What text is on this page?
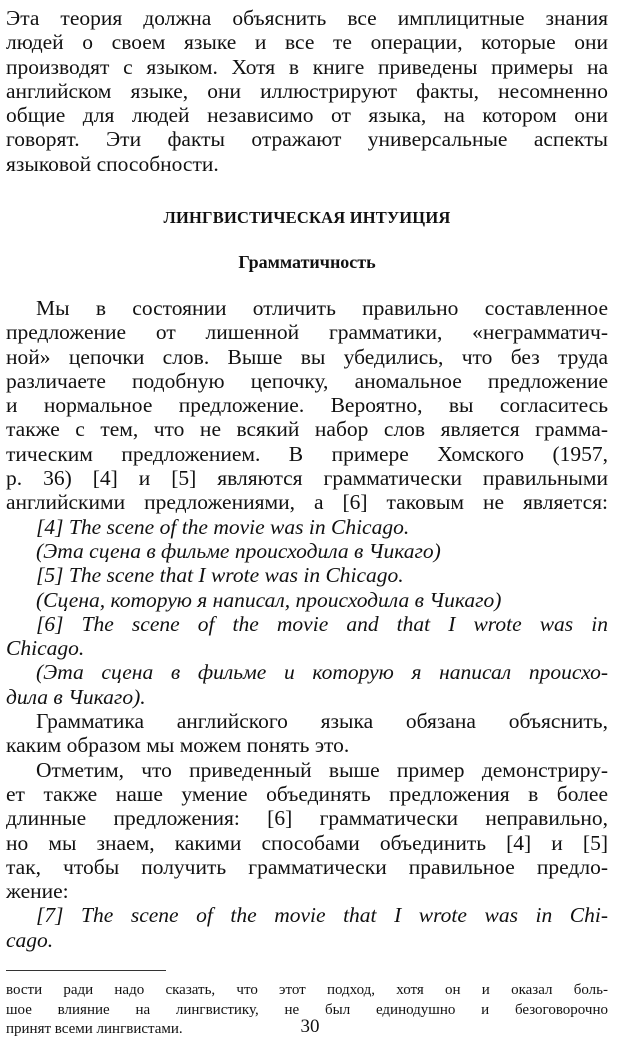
Эта теория должна объяснить все имплицитные знания
людей о своем языке и все те операции, которые они
производят с языком. Хотя в книге приведены примеры на
английском языке, они иллюстрируют факты, несомненно
общие для людей независимо от языка, на котором они
говорят. Эти факты отражают универсальные аспекты
языковой способности.
ЛИНГВИСТИЧЕСКАЯ ИНТУИЦИЯ
Грамматичность
Мы в состоянии отличить правильно составленное
предложение от лишенной грамматики, «неграмматич-
ной» цепочки слов. Выше вы убедились, что без труда
различаете подобную цепочку, аномальное предложение
и нормальное предложение. Вероятно, вы согласитесь
также с тем, что не всякий набор слов является грамма-
тическим предложением. В примере Хомского (1957,
р. 36) [4] и [5] являются грамматически правильными
английскими предложениями, а [6] таковым не является:
[4] The scene of the movie was in Chicago.
(Эта сцена в фильме происходила в Чикаго)
[5] The scene that I wrote was in Chicago.
(Сцена, которую я написал, происходила в Чикаго)
[6] The scene of the movie and that I wrote was in
Chicago.
(Эта сцена в фильме и которую я написал происхо-
дила в Чикаго).
Грамматика английского языка обязана объяснить,
каким образом мы можем понять это.
Отметим, что приведенный выше пример демонстриру-
ет также наше умение объединять предложения в более
длинные предложения: [6] грамматически неправильно,
но мы знаем, какими способами объединить [4] и [5]
так, чтобы получить грамматически правильное предло-
жение:
[7] The scene of the movie that I wrote was in Chi-
cago.
вости ради надо сказать, что этот подход, хотя он и оказал боль-
шое влияние на лингвистику, не был единодушно и безоговорочно
принят всеми лингвистами.	30
